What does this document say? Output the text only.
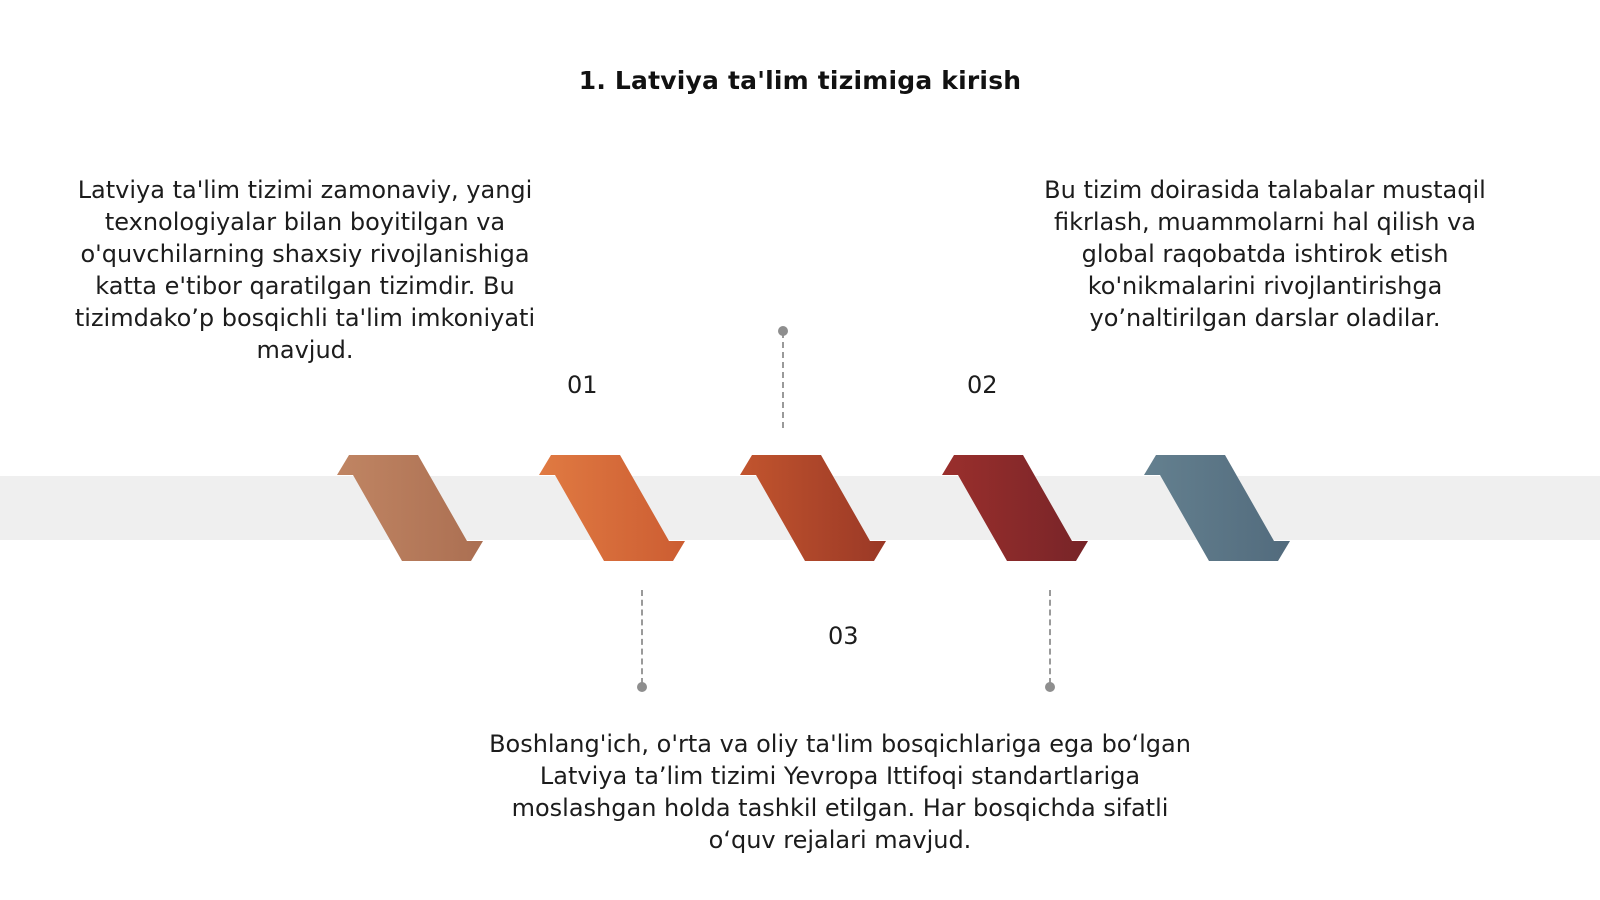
1. Latviya ta'lim tizimiga kirish
01	02
03
Latviya ta'lim tizimi zamonaviy, yangi texnologiyalar bilan boyitilgan va o'quvchilarning shaxsiy rivojlanishiga katta e'tibor qaratilgan tizimdir. Bu tizimdako’p bosqichli ta'lim imkoniyati mavjud.
Bu tizim doirasida talabalar mustaqil fikrlash, muammolarni hal qilish va global raqobatda ishtirok etish ko'nikmalarini rivojlantirishga yo’naltirilgan darslar oladilar.
Boshlang'ich, o'rta va oliy ta'lim bosqichlariga ega bo‘lgan Latviya ta’lim tizimi Yevropa Ittifoqi standartlariga moslashgan holda tashkil etilgan. Har bosqichda sifatli o‘quv rejalari mavjud.
